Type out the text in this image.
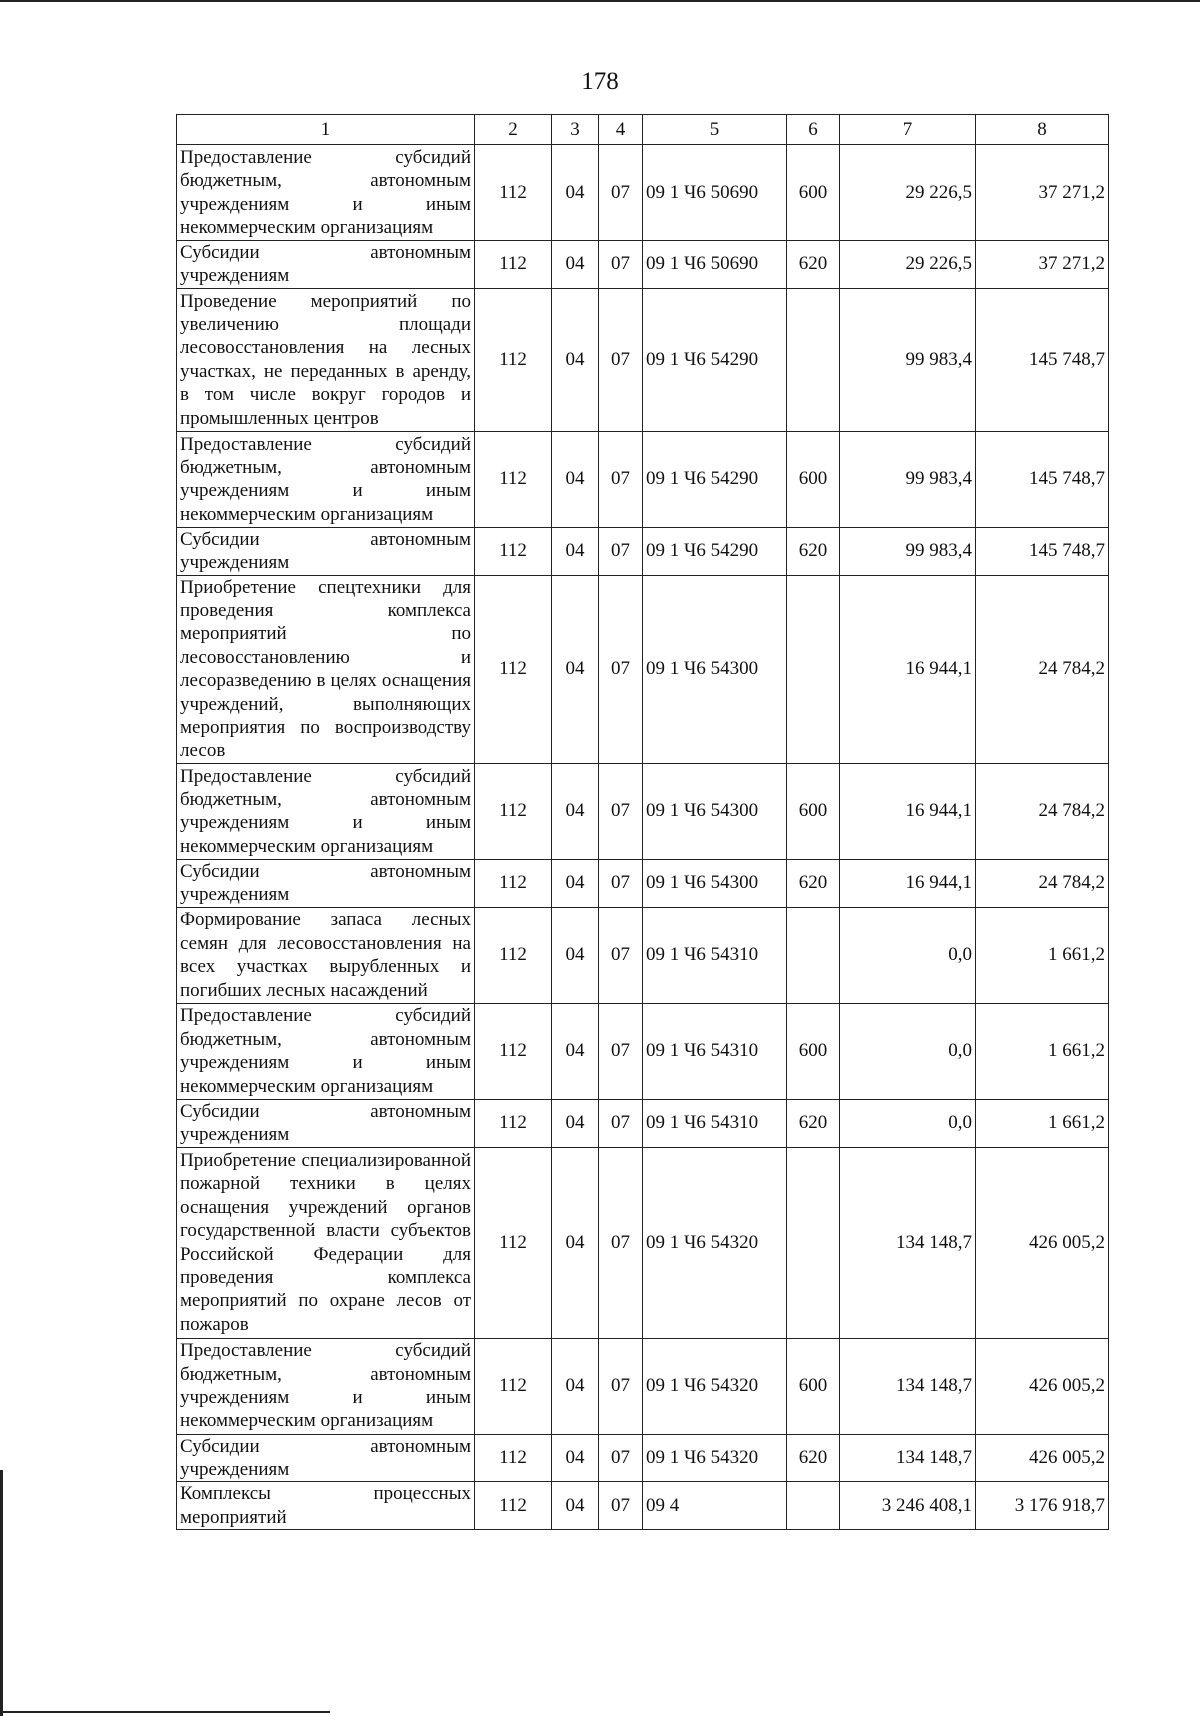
178
1	2	3	4	5	6	7	8
Предоставление субсидий бюджетным, автономным учреждениям и иным некоммерческим организациям	112	04	07	09 1 Ч6 50690	600	29 226,5	37 271,2
Субсидии автономным учреждениям	112	04	07	09 1 Ч6 50690	620	29 226,5	37 271,2
Проведение мероприятий по увеличению площади лесовосстановления на лесных участках, не переданных в аренду, в том числе вокруг городов и промышленных центров	112	04	07	09 1 Ч6 54290		99 983,4	145 748,7
Предоставление субсидий бюджетным, автономным учреждениям и иным некоммерческим организациям	112	04	07	09 1 Ч6 54290	600	99 983,4	145 748,7
Субсидии автономным учреждениям	112	04	07	09 1 Ч6 54290	620	99 983,4	145 748,7
Приобретение спецтехники для проведения комплекса мероприятий по лесовосстановлению и лесоразведению в целях оснащения учреждений, выполняющих мероприятия по воспроизводству лесов	112	04	07	09 1 Ч6 54300		16 944,1	24 784,2
Предоставление субсидий бюджетным, автономным учреждениям и иным некоммерческим организациям	112	04	07	09 1 Ч6 54300	600	16 944,1	24 784,2
Субсидии автономным учреждениям	112	04	07	09 1 Ч6 54300	620	16 944,1	24 784,2
Формирование запаса лесных семян для лесовосстановления на всех участках вырубленных и погибших лесных насаждений	112	04	07	09 1 Ч6 54310		0,0	1 661,2
Предоставление субсидий бюджетным, автономным учреждениям и иным некоммерческим организациям	112	04	07	09 1 Ч6 54310	600	0,0	1 661,2
Субсидии автономным учреждениям	112	04	07	09 1 Ч6 54310	620	0,0	1 661,2
Приобретение специализированной пожарной техники в целях оснащения учреждений органов государственной власти субъектов Российской Федерации для проведения комплекса мероприятий по охране лесов от пожаров	112	04	07	09 1 Ч6 54320		134 148,7	426 005,2
Предоставление субсидий бюджетным, автономным учреждениям и иным некоммерческим организациям	112	04	07	09 1 Ч6 54320	600	134 148,7	426 005,2
Субсидии автономным учреждениям	112	04	07	09 1 Ч6 54320	620	134 148,7	426 005,2
Комплексы процессных мероприятий	112	04	07	09 4		3 246 408,1	3 176 918,7
